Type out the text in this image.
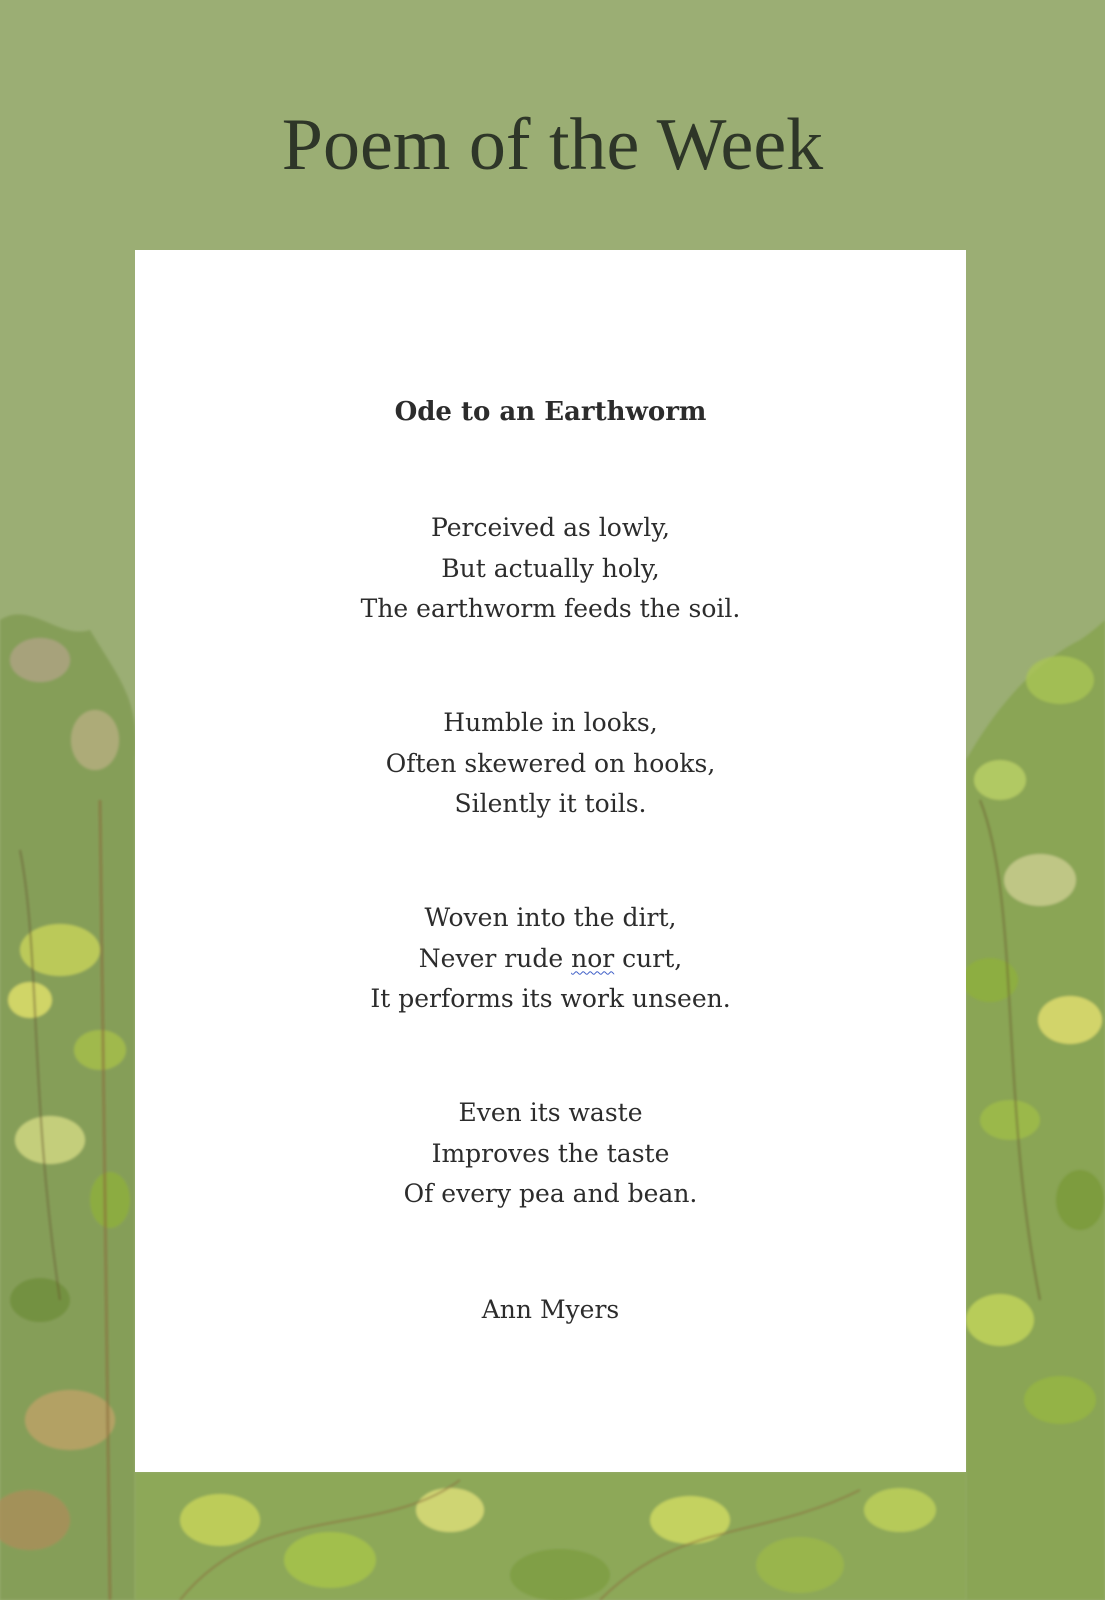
Poem of the Week
Ode to an Earthworm
Perceived as lowly,
But actually holy,
The earthworm feeds the soil.
Humble in looks,
Often skewered on hooks,
Silently it toils.
Woven into the dirt,
Never rude nor curt,
It performs its work unseen.
Even its waste
Improves the taste
Of every pea and bean.
Ann Myers
